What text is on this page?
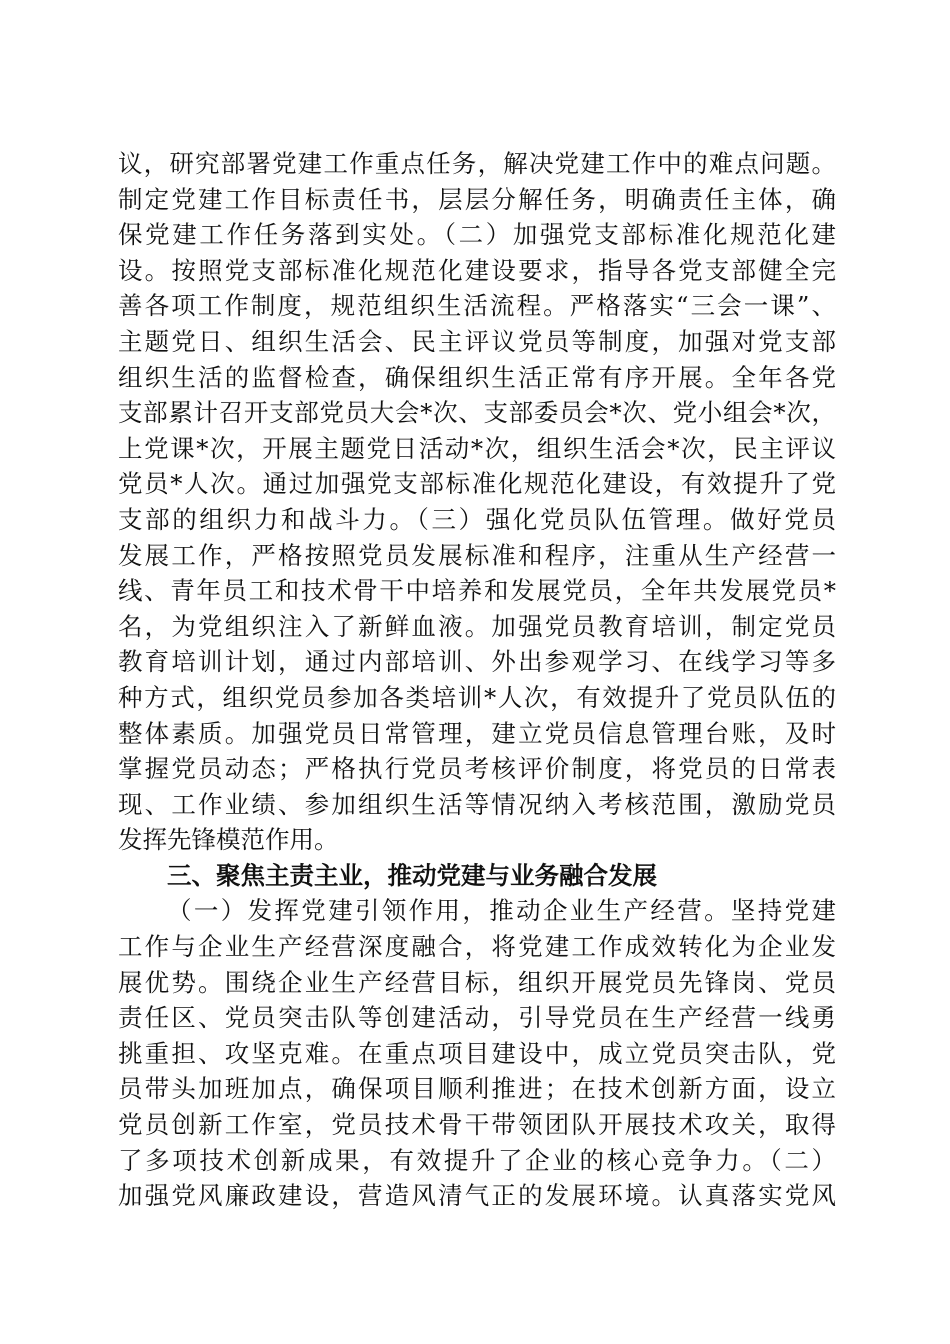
议，研究部署党建工作重点任务，解决党建工作中的难点问题。
制定党建工作目标责任书，层层分解任务，明确责任主体，确
保党建工作任务落到实处。（二）加强党支部标准化规范化建
设。按照党支部标准化规范化建设要求，指导各党支部健全完
善各项工作制度，规范组织生活流程。严格落实“三会一课”、
主题党日、组织生活会、民主评议党员等制度，加强对党支部
组织生活的监督检查，确保组织生活正常有序开展。全年各党
支部累计召开支部党员大会*次、支部委员会*次、党小组会*次，
上党课*次，开展主题党日活动*次，组织生活会*次，民主评议
党员*人次。通过加强党支部标准化规范化建设，有效提升了党
支部的组织力和战斗力。（三）强化党员队伍管理。做好党员
发展工作，严格按照党员发展标准和程序，注重从生产经营一
线、青年员工和技术骨干中培养和发展党员，全年共发展党员*
名，为党组织注入了新鲜血液。加强党员教育培训，制定党员
教育培训计划，通过内部培训、外出参观学习、在线学习等多
种方式，组织党员参加各类培训*人次，有效提升了党员队伍的
整体素质。加强党员日常管理，建立党员信息管理台账，及时
掌握党员动态；严格执行党员考核评价制度，将党员的日常表
现、工作业绩、参加组织生活等情况纳入考核范围，激励党员
发挥先锋模范作用。
三、聚焦主责主业，推动党建与业务融合发展
（一）发挥党建引领作用，推动企业生产经营。坚持党建
工作与企业生产经营深度融合，将党建工作成效转化为企业发
展优势。围绕企业生产经营目标，组织开展党员先锋岗、党员
责任区、党员突击队等创建活动，引导党员在生产经营一线勇
挑重担、攻坚克难。在重点项目建设中，成立党员突击队，党
员带头加班加点，确保项目顺利推进；在技术创新方面，设立
党员创新工作室，党员技术骨干带领团队开展技术攻关，取得
了多项技术创新成果，有效提升了企业的核心竞争力。（二）
加强党风廉政建设，营造风清气正的发展环境。认真落实党风
